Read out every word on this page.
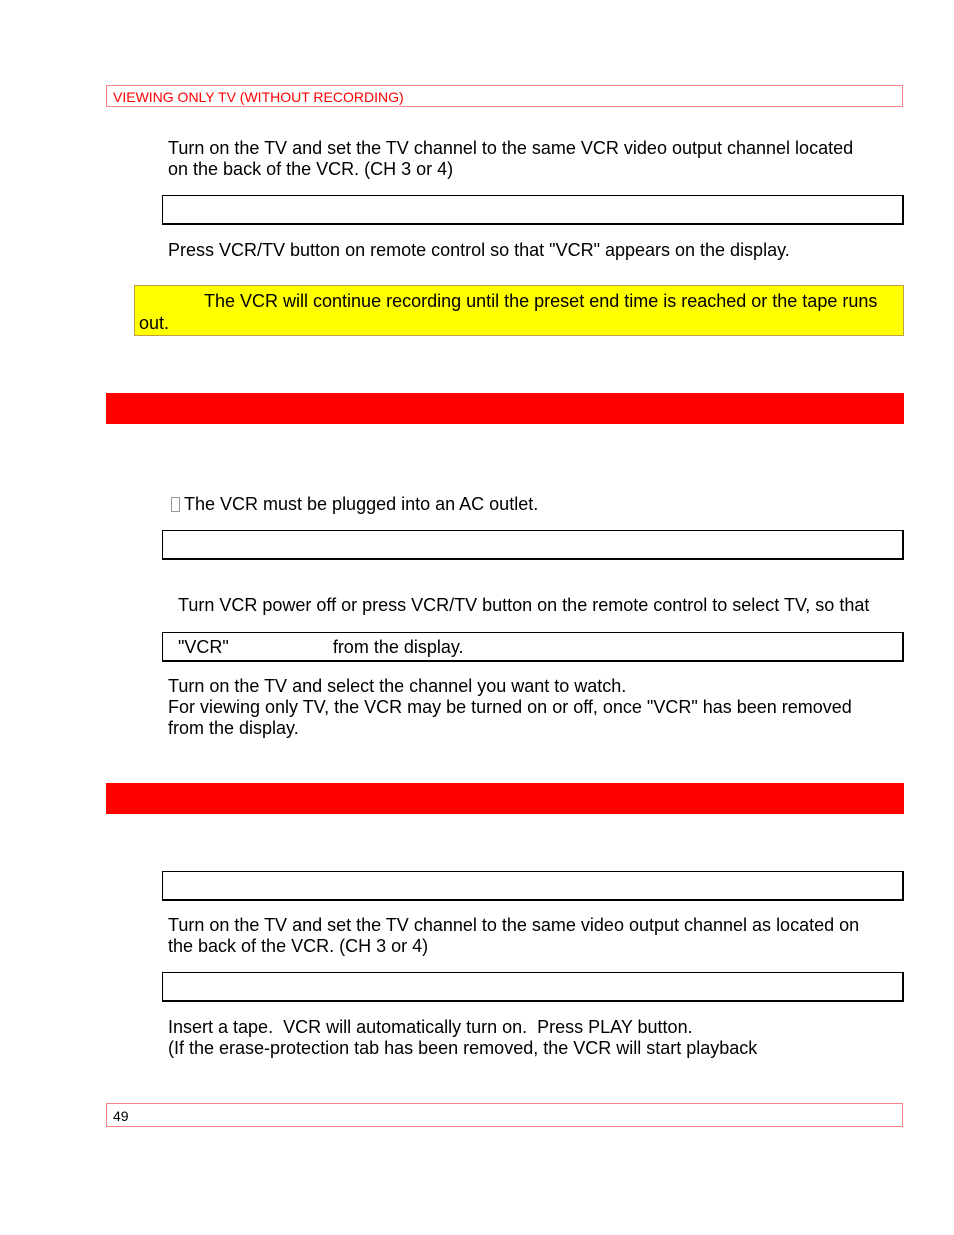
VIEWING ONLY TV (WITHOUT RECORDING)
Turn on the TV and set the TV channel to the same VCR video output channel located
on the back of the VCR. (CH 3 or 4)
Press VCR/TV button on remote control so that "VCR" appears on the display.
The VCR will continue recording until the preset end time is reached or the tape runs out.
The VCR must be plugged into an AC outlet.

Turn VCR power off or press VCR/TV button on the remote control to select TV, so that

"VCR"	from the display.

Turn on the TV and select the channel you want to watch.
For viewing only TV, the VCR may be turned on or off, once "VCR" has been removed
from the display.
Turn on the TV and set the TV channel to the same video output channel as located on
the back of the VCR. (CH 3 or 4)
Insert a tape.  VCR will automatically turn on.  Press PLAY button.
(If the erase-protection tab has been removed, the VCR will start playback
49
